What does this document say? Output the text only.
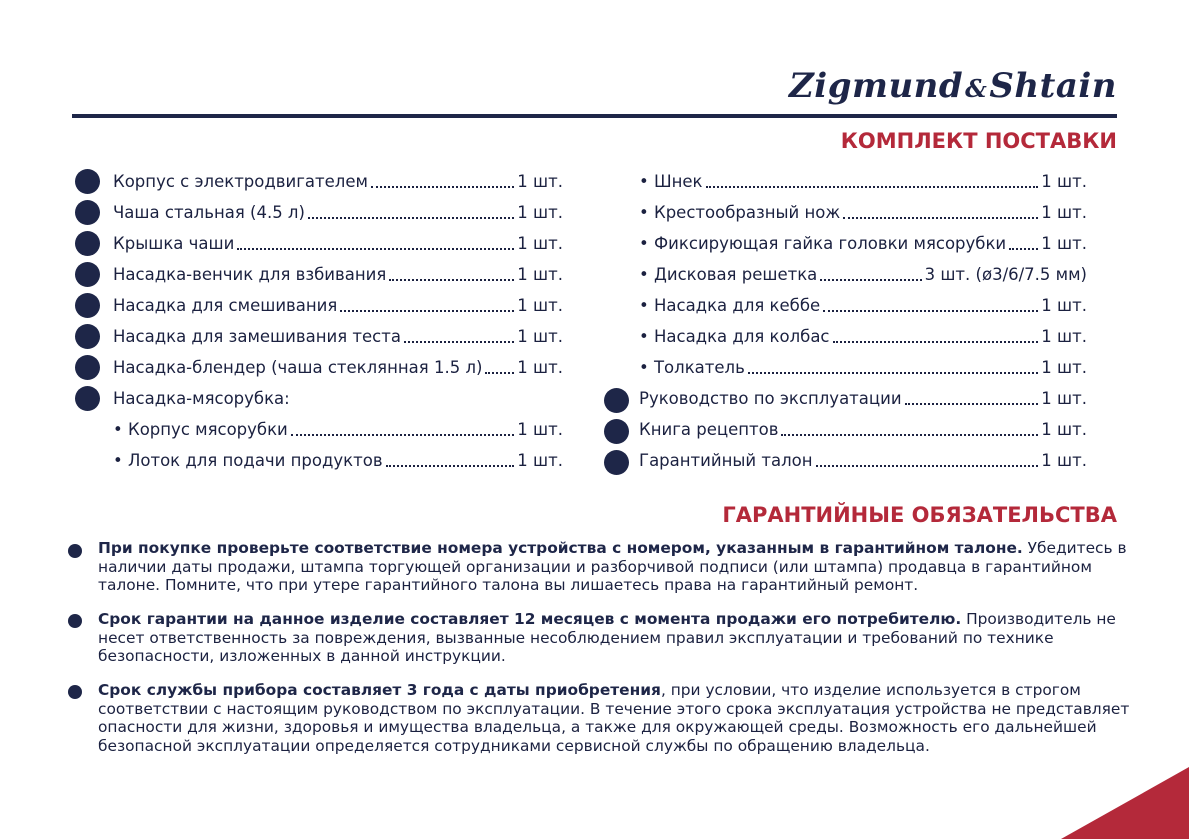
Zigmund&Shtain
КОМПЛЕКТ ПОСТАВКИ
Корпус с электродвигателем	1 шт.
Чаша стальная (4.5 л)	1 шт.
Крышка чаши	1 шт.
Насадка-венчик для взбивания	1 шт.
Насадка для смешивания	1 шт.
Насадка для замешивания теста	1 шт.
Насадка-блендер (чаша стеклянная 1.5 л) 1 шт.
Насадка-мясорубка:
• Корпус мясорубки	1 шт.
• Лоток для подачи продуктов	1 шт.
• Шнек	1 шт.
• Крестообразный нож	1 шт.
• Фиксирующая гайка головки мясорубки 1 шт.
• Дисковая решетка	3 шт. (ø3/6/7.5 мм)
• Насадка для кеббе	1 шт.
• Насадка для колбас	1 шт.
• Толкатель	1 шт.
Руководство по эксплуатации	1 шт.
Книга рецептов	1 шт.
Гарантийный талон	1 шт.
ГАРАНТИЙНЫЕ ОБЯЗАТЕЛЬСТВА
При покупке проверьте соответствие номера устройства с номером, указанным в гарантийном талоне. Убедитесь в наличии даты продажи, штампа торгующей организации и разборчивой подписи (или штампа) продавца в гарантийном талоне. Помните, что при утере гарантийного талона вы лишаетесь права на гарантийный ремонт.
Срок гарантии на данное изделие составляет 12 месяцев с момента продажи его потребителю. Производитель не несет ответственность за повреждения, вызванные несоблюдением правил эксплуатации и требований по технике безопасности, изложенных в данной инструкции.
Срок службы прибора составляет 3 года с даты приобретения, при условии, что изделие используется в строгом соответствии с настоящим руководством по эксплуатации. В течение этого срока эксплуатация устройства не представляет опасности для жизни, здоровья и имущества владельца, а также для окружающей среды. Возможность его дальнейшей безопасной эксплуатации определяется сотрудниками сервисной службы по обращению владельца.
